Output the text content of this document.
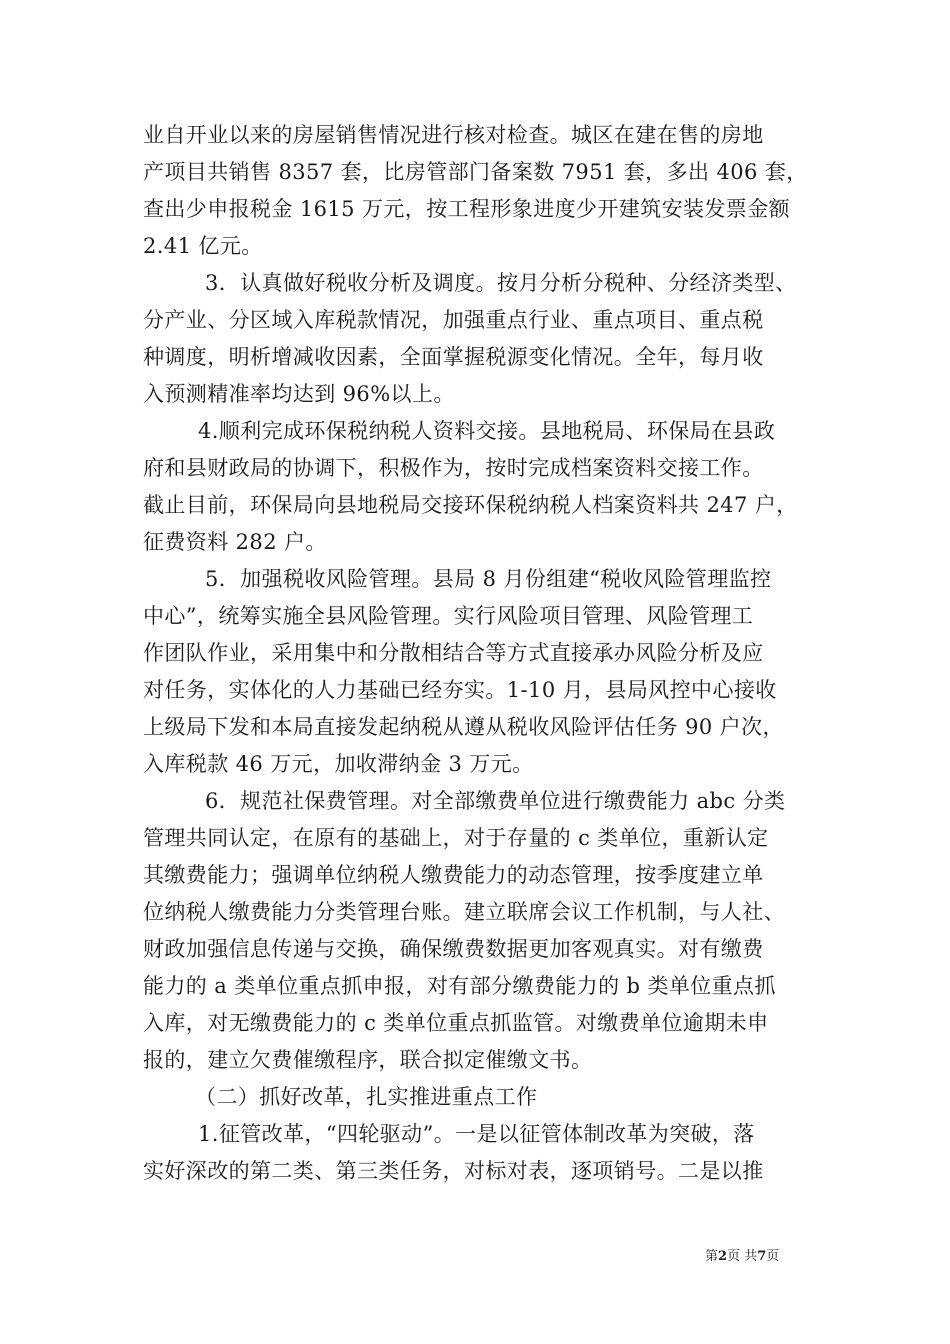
业自开业以来的房屋销售情况进行核对检查。城区在建在售的房地
产项目共销售 8357 套，比房管部门备案数 7951 套，多出 406 套，
查出少申报税金 1615 万元，按工程形象进度少开建筑安装发票金额
2.41 亿元。
3．认真做好税收分析及调度。按月分析分税种、分经济类型、
分产业、分区域入库税款情况，加强重点行业、重点项目、重点税
种调度，明析增减收因素，全面掌握税源变化情况。全年，每月收
入预测精准率均达到 96%以上。
4.顺利完成环保税纳税人资料交接。县地税局、环保局在县政
府和县财政局的协调下，积极作为，按时完成档案资料交接工作。
截止目前，环保局向县地税局交接环保税纳税人档案资料共 247 户，
征费资料 282 户。
5．加强税收风险管理。县局 8 月份组建“税收风险管理监控
中心”，统筹实施全县风险管理。实行风险项目管理、风险管理工
作团队作业，采用集中和分散相结合等方式直接承办风险分析及应
对任务，实体化的人力基础已经夯实。1-10 月，县局风控中心接收
上级局下发和本局直接发起纳税从遵从税收风险评估任务 90 户次，
入库税款 46 万元，加收滞纳金 3 万元。
6．规范社保费管理。对全部缴费单位进行缴费能力 abc 分类
管理共同认定，在原有的基础上，对于存量的 c 类单位，重新认定
其缴费能力；强调单位纳税人缴费能力的动态管理，按季度建立单
位纳税人缴费能力分类管理台账。建立联席会议工作机制，与人社、
财政加强信息传递与交换，确保缴费数据更加客观真实。对有缴费
能力的 a 类单位重点抓申报，对有部分缴费能力的 b 类单位重点抓
入库，对无缴费能力的 c 类单位重点抓监管。对缴费单位逾期未申
报的，建立欠费催缴程序，联合拟定催缴文书。
（二）抓好改革，扎实推进重点工作
1.征管改革，“四轮驱动”。一是以征管体制改革为突破，落
实好深改的第二类、第三类任务，对标对表，逐项销号。二是以推
第2页 共7页
